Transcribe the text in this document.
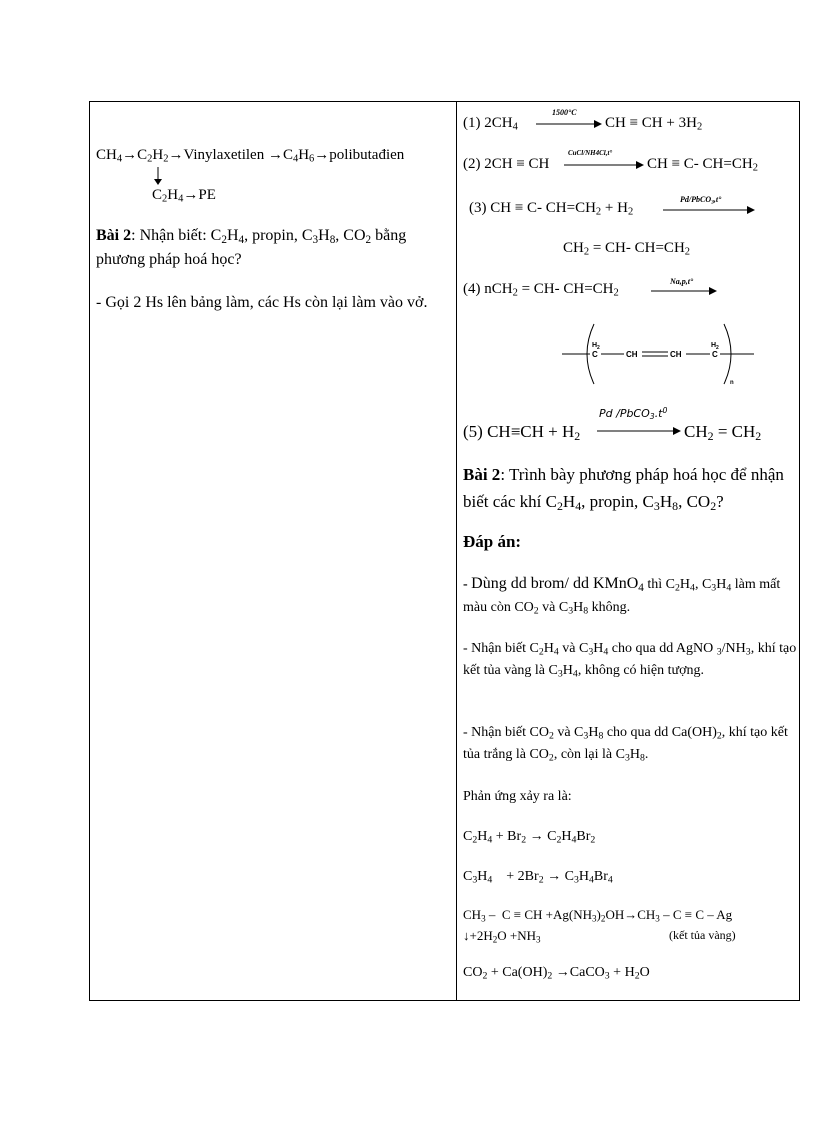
$CH_4\to C_2H_2\to Vinylaxetilen$ $\to C_4H_6\to polibutađien$
$C_2H_4\to PE$
Bài 2: Nhận biết: $C_2H_4$, propin, $C_3H_8$, $CO_2$ bằng phương pháp hoá học?
- Gọi 2 Hs lên bảng làm, các Hs còn lại làm vào vở.
(1) $2CH_4$
1500°C
CH ≡ CH + $3H_2$
(2) 2CH ≡ CH
CuCl/NH4Cl,t°
CH ≡ C- $CH=CH_2$
(3) CH ≡ C- $CH=CH_2 + H_2$
Pd/PbCO$_3$,t°
$CH_2 = CH-$ $CH=CH_2$
(4) nCH$_2$ = CH- $CH=CH_2$
Na,p,t°
H 2
C	CH	CH
H 2
C
n
(5) $CH\equiv CH + H_2$
Pd $/PbCO_3.t^0$
$CH_2 = CH_2$
Bài 2: Trình bày phương pháp hoá học để nhận biết các khí $C_2H_4$, propin, $C_3H_8$, $CO_2$?
Đáp án:
- Dùng dd brom/ dd KMnO$_4$ thì $C_2H_4$, $C_3H_4$ làm mất màu còn $CO_2$ và $C_3H_8$ không.
- Nhận biết $C_2H_4$ và $C_3H_4$ cho qua dd AgNO $_3/NH_3$, khí tạo kết tủa vàng là $C_3H_4$, không có hiện tượng.
- Nhận biết $CO_2$ và $C_3H_8$ cho qua dd $Ca(OH)_2$, khí tạo kết tủa trắng là $CO_2$, còn lại là $C_3H_8$.
Phản ứng xảy ra là:
$C_2H_4 + Br_2 \to C_2H_4Br_2$
$C_3H_4$    + $2Br_2 \to C_3H_4Br_4$
$CH_3$ –  C ≡ CH $+Ag(NH_3)_2OH\to CH_3 - C \equiv C - Ag$
$↓+2H_2O +NH_3$	(kết tủa vàng)
$CO_2 + Ca(OH)_2$ →CaCO$_3$ + $H_2O$
